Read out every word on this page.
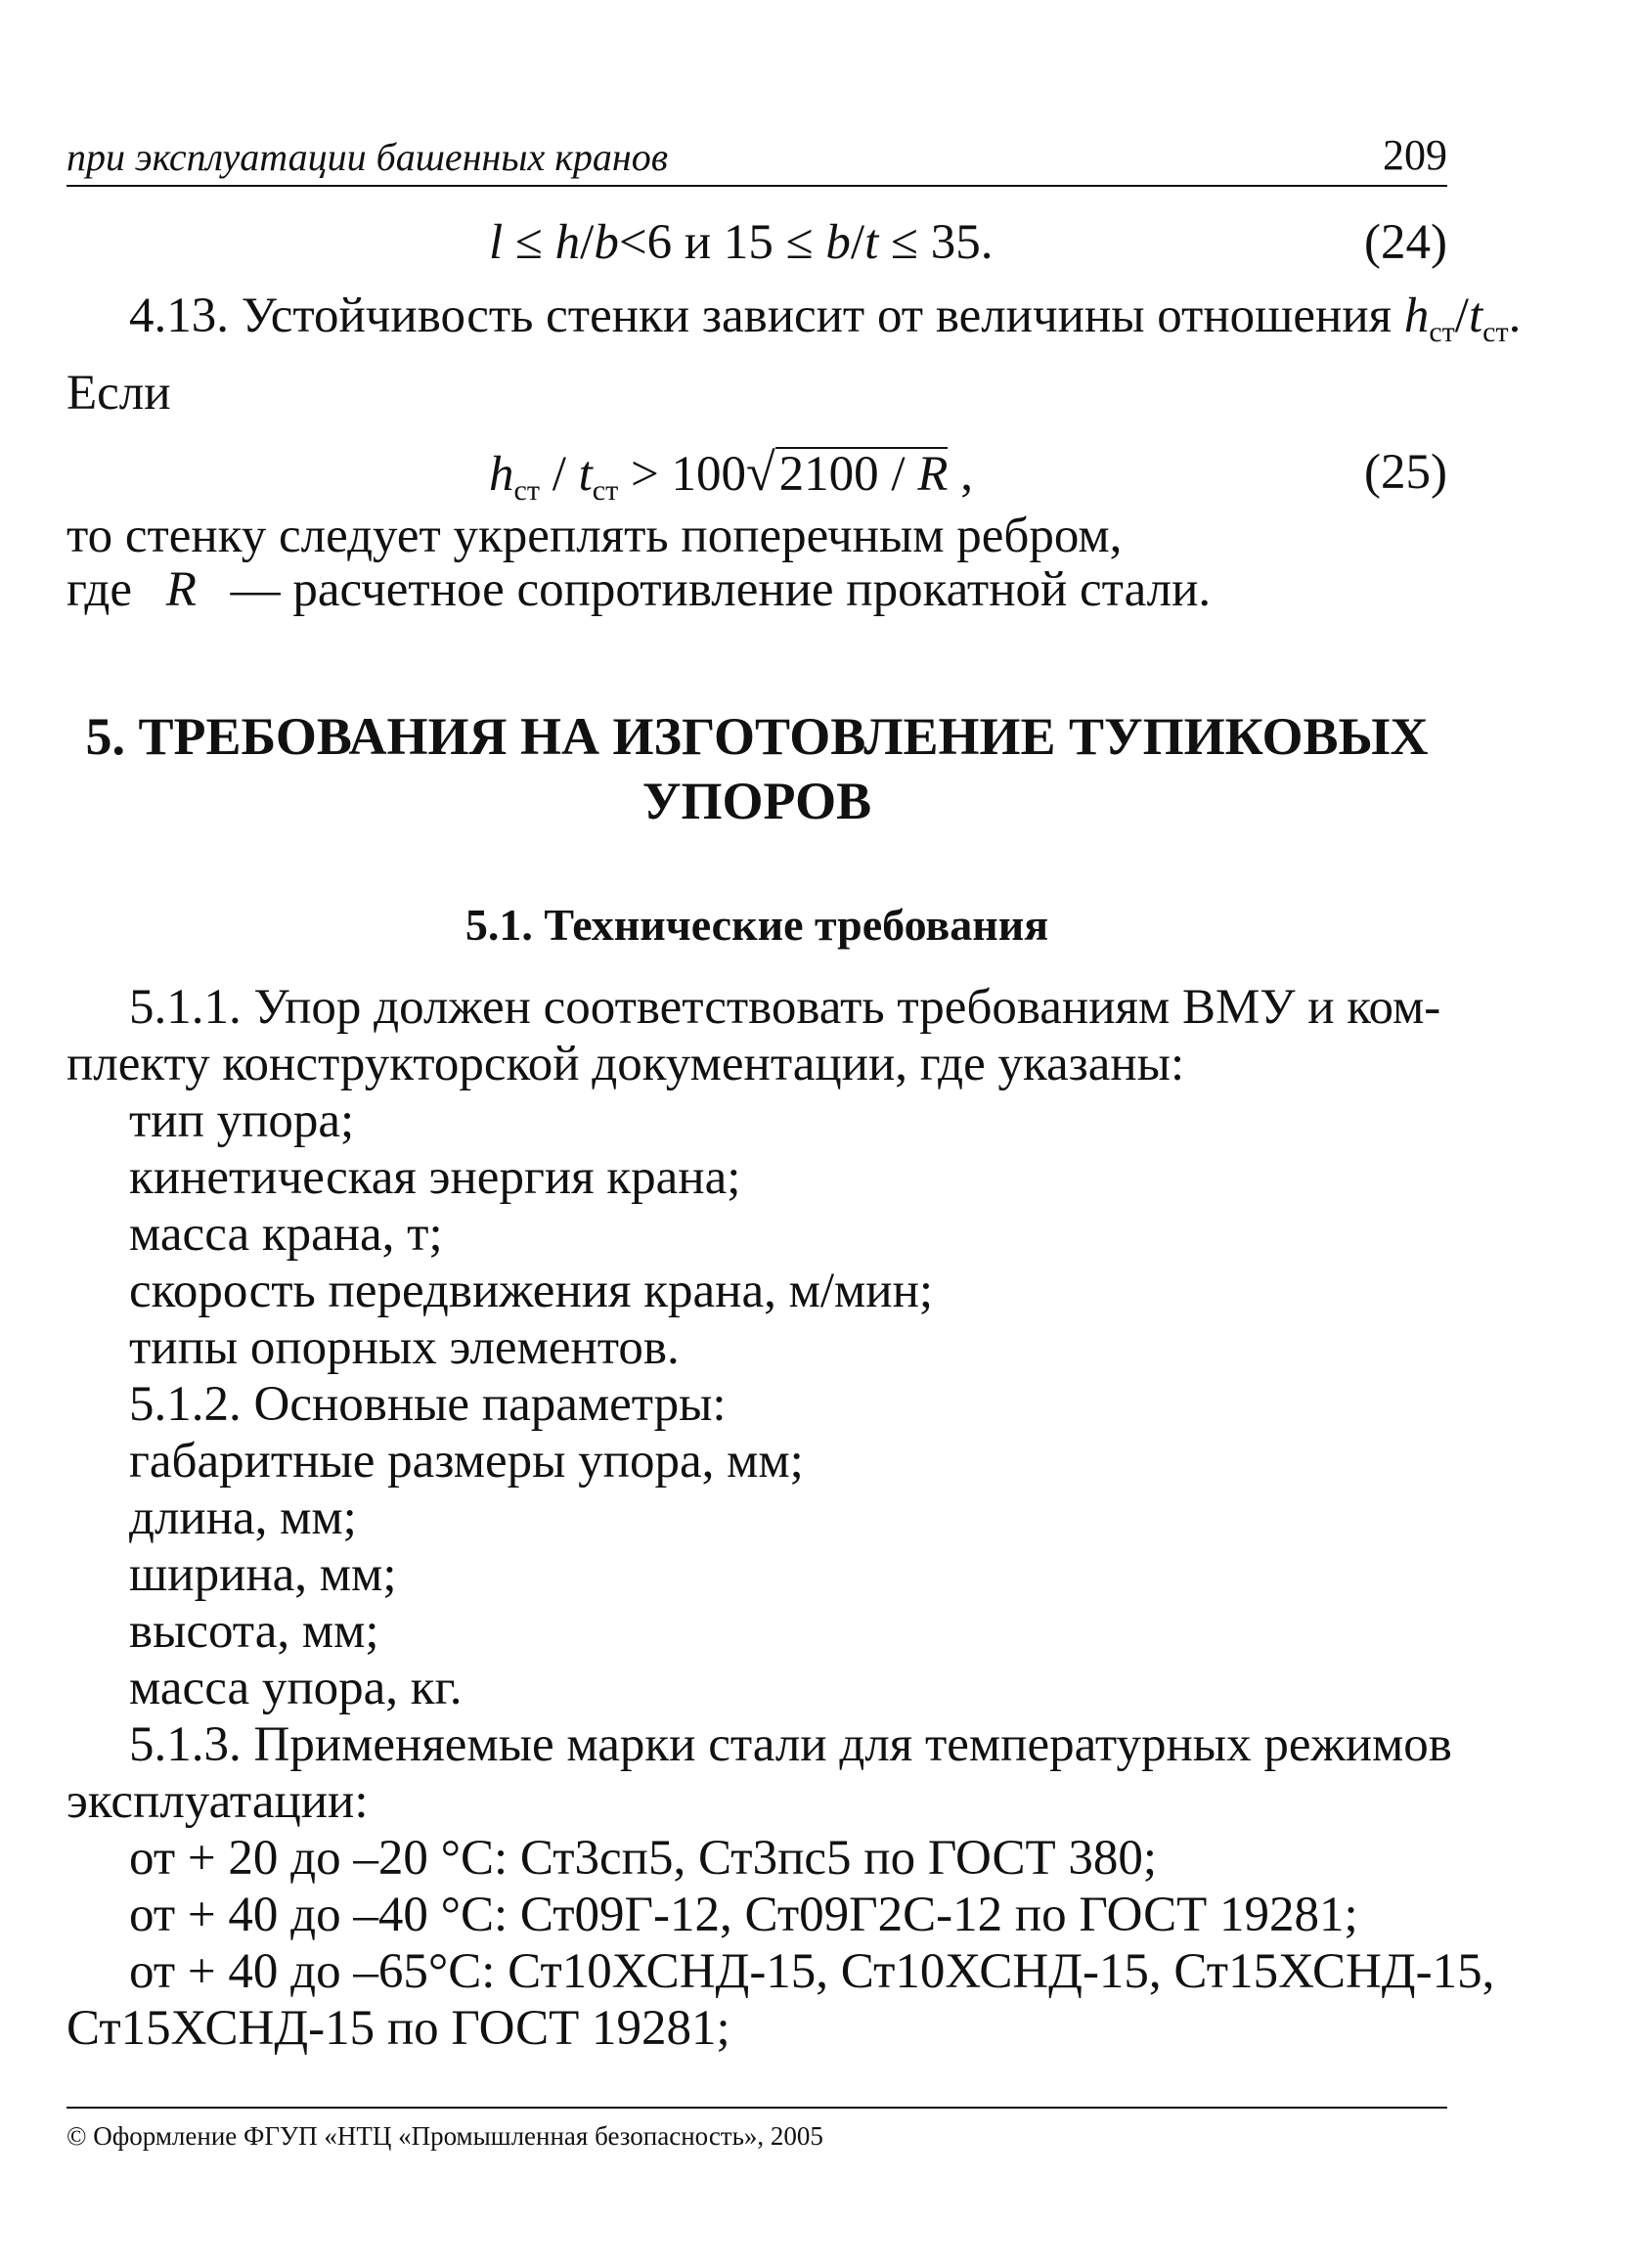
при эксплуатации башенных кранов	209
l ≤ h/b<6 и 15 ≤ b/t ≤ 35.	(24)
4.13. Устойчивость стенки зависит от величины отношения $h_{ст}/t_{ст}$.
Если
$h_{ст} / t_{ст} > 100√2100 / R$ ,	(25)
то стенку следует укреплять поперечным ребром,
где R — расчетное сопротивление прокатной стали.
5. ТРЕБОВАНИЯ НА ИЗГОТОВЛЕНИЕ ТУПИКОВЫХ
УПОРОВ
5.1. Технические требования
5.1.1. Упор должен соответствовать требованиям ВМУ и ком-
плекту конструкторской документации, где указаны:
тип упора;
кинетическая энергия крана;
масса крана, т;
скорость передвижения крана, м/мин;
типы опорных элементов.
5.1.2. Основные параметры:
габаритные размеры упора, мм;
длина, мм;
ширина, мм;
высота, мм;
масса упора, кг.
5.1.3. Применяемые марки стали для температурных режимов
эксплуатации:
от + 20 до –20 °С: Ст3сп5, Ст3пс5 по ГОСТ 380;
от + 40 до –40 °С: Ст09Г-12, Ст09Г2С-12 по ГОСТ 19281;
от + 40 до –65°С: Ст10ХСНД-15, Ст10ХСНД-15, Ст15ХСНД-15,
Ст15ХСНД-15 по ГОСТ 19281;
© Оформление ФГУП «НТЦ «Промышленная безопасность», 2005
